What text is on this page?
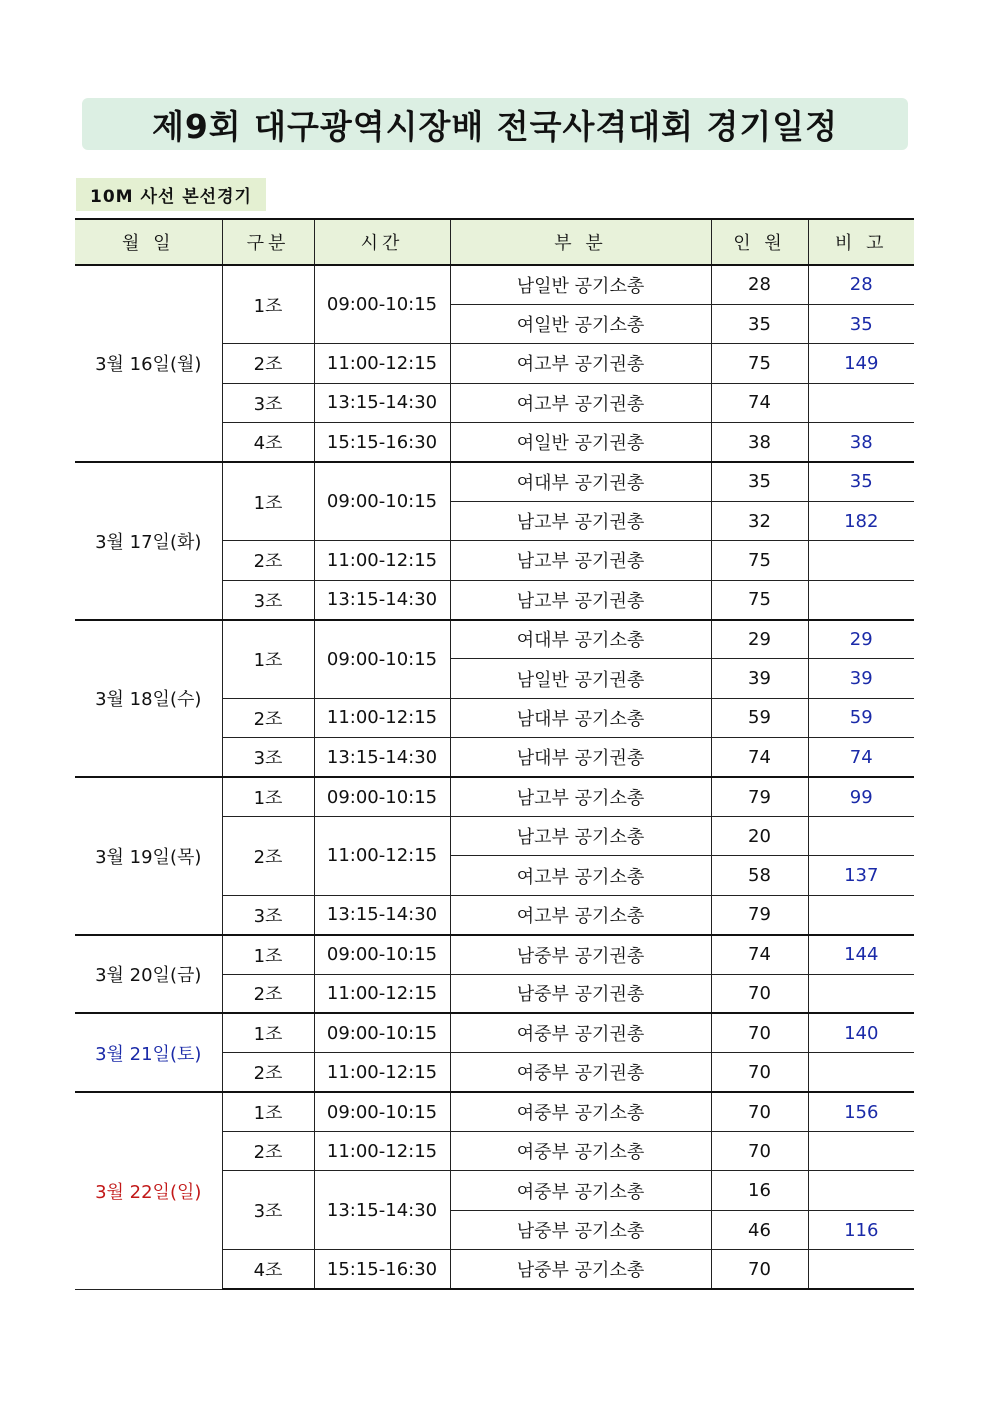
제9회 대구광역시장배 전국사격대회 경기일정
10M 사선 본선경기
월 일	구분	시간	부 분	인 원	비 고
3월 16일(월)	1조	09:00-10:15	남일반 공기소총	28	28
			여일반 공기소총	35	35
	2조	11:00-12:15	여고부 공기권총	75	149
	3조	13:15-14:30	여고부 공기권총	74	
	4조	15:15-16:30	여일반 공기권총	38	38
3월 17일(화)	1조	09:00-10:15	여대부 공기권총	35	35
			남고부 공기권총	32	182
	2조	11:00-12:15	남고부 공기권총	75	
	3조	13:15-14:30	남고부 공기권총	75	
3월 18일(수)	1조	09:00-10:15	여대부 공기소총	29	29
			남일반 공기권총	39	39
	2조	11:00-12:15	남대부 공기소총	59	59
	3조	13:15-14:30	남대부 공기권총	74	74
3월 19일(목)	1조	09:00-10:15	남고부 공기소총	79	99
	2조	11:00-12:15	남고부 공기소총	20	
			여고부 공기소총	58	137
	3조	13:15-14:30	여고부 공기소총	79	
3월 20일(금)	1조	09:00-10:15	남중부 공기권총	74	144
	2조	11:00-12:15	남중부 공기권총	70	
3월 21일(토)	1조	09:00-10:15	여중부 공기권총	70	140
	2조	11:00-12:15	여중부 공기권총	70	
3월 22일(일)	1조	09:00-10:15	여중부 공기소총	70	156
	2조	11:00-12:15	여중부 공기소총	70	
	3조	13:15-14:30	여중부 공기소총	16	
			남중부 공기소총	46	116
	4조	15:15-16:30	남중부 공기소총	70	
